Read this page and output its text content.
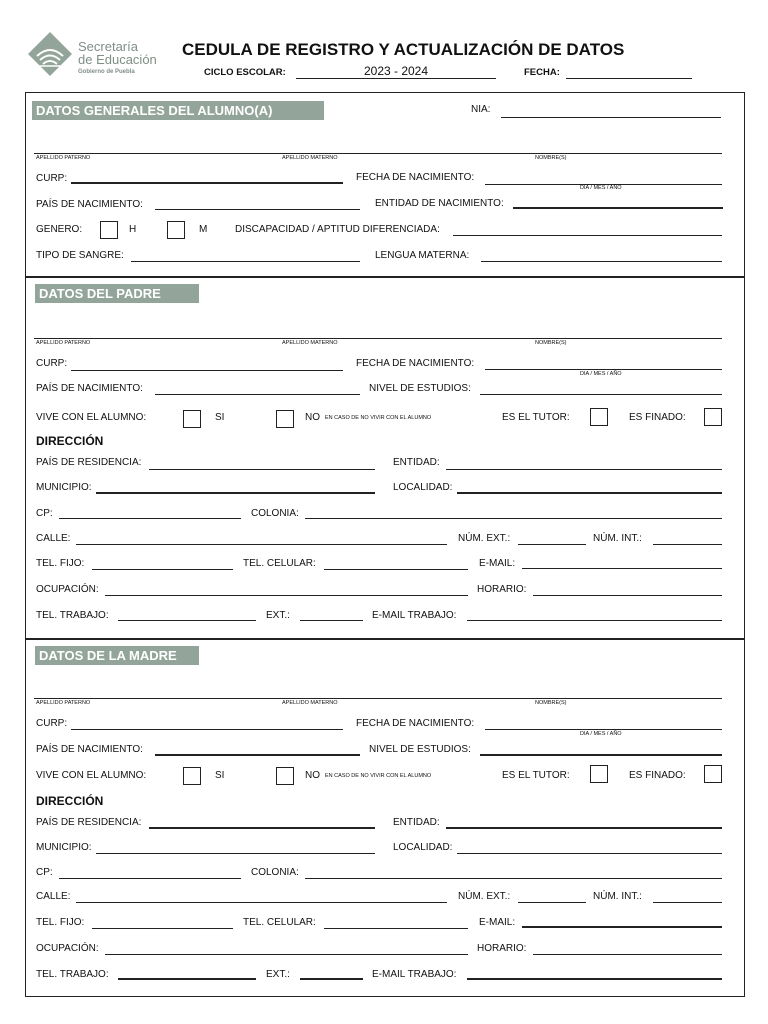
Secretaría
de Educación
Gobierno de Puebla
CEDULA DE REGISTRO Y ACTUALIZACIÓN DE DATOS
CICLO ESCOLAR:	2023 - 2024	FECHA:
DATOS GENERALES DEL ALUMNO(A)	NIA:
APELLIDO PATERNO	APELLIDO MATERNO	NOMBRE(S)
CURP:	FECHA DE NACIMIENTO:
DIA / MES / AÑO
PAÍS DE NACIMIENTO:	ENTIDAD DE NACIMIENTO:
GENERO:	H	M	DISCAPACIDAD / APTITUD DIFERENCIADA:
TIPO DE SANGRE:	LENGUA MATERNA:
DATOS DEL PADRE
APELLIDO PATERNO	APELLIDO MATERNO	NOMBRE(S)
CURP:	FECHA DE NACIMIENTO:
DIA / MES / AÑO
PAÍS DE NACIMIENTO:	NIVEL DE ESTUDIOS:
VIVE CON EL ALUMNO:	SI	NO EN CASO DE NO VIVIR CON EL ALUMNO	ES EL TUTOR:	ES FINADO:
DIRECCIÓN
PAÍS DE RESIDENCIA:	ENTIDAD:
MUNICIPIO:	LOCALIDAD:
CP:	COLONIA:
CALLE:	NÚM. EXT.:	NÚM. INT.:
TEL. FIJO:	TEL. CELULAR:	E-MAIL:
OCUPACIÓN:	HORARIO:
TEL. TRABAJO:	EXT.:	E-MAIL TRABAJO:
DATOS DE LA MADRE
APELLIDO PATERNO	APELLIDO MATERNO	NOMBRE(S)
CURP:	FECHA DE NACIMIENTO:
DIA / MES / AÑO
PAÍS DE NACIMIENTO:	NIVEL DE ESTUDIOS:
VIVE CON EL ALUMNO:	SI	NO EN CASO DE NO VIVIR CON EL ALUMNO	ES EL TUTOR:	ES FINADO:
DIRECCIÓN
PAÍS DE RESIDENCIA:	ENTIDAD:
MUNICIPIO:	LOCALIDAD:
CP:	COLONIA:
CALLE:	NÚM. EXT.:	NÚM. INT.:
TEL. FIJO:	TEL. CELULAR:	E-MAIL:
OCUPACIÓN:	HORARIO:
TEL. TRABAJO:	EXT.:	E-MAIL TRABAJO:
